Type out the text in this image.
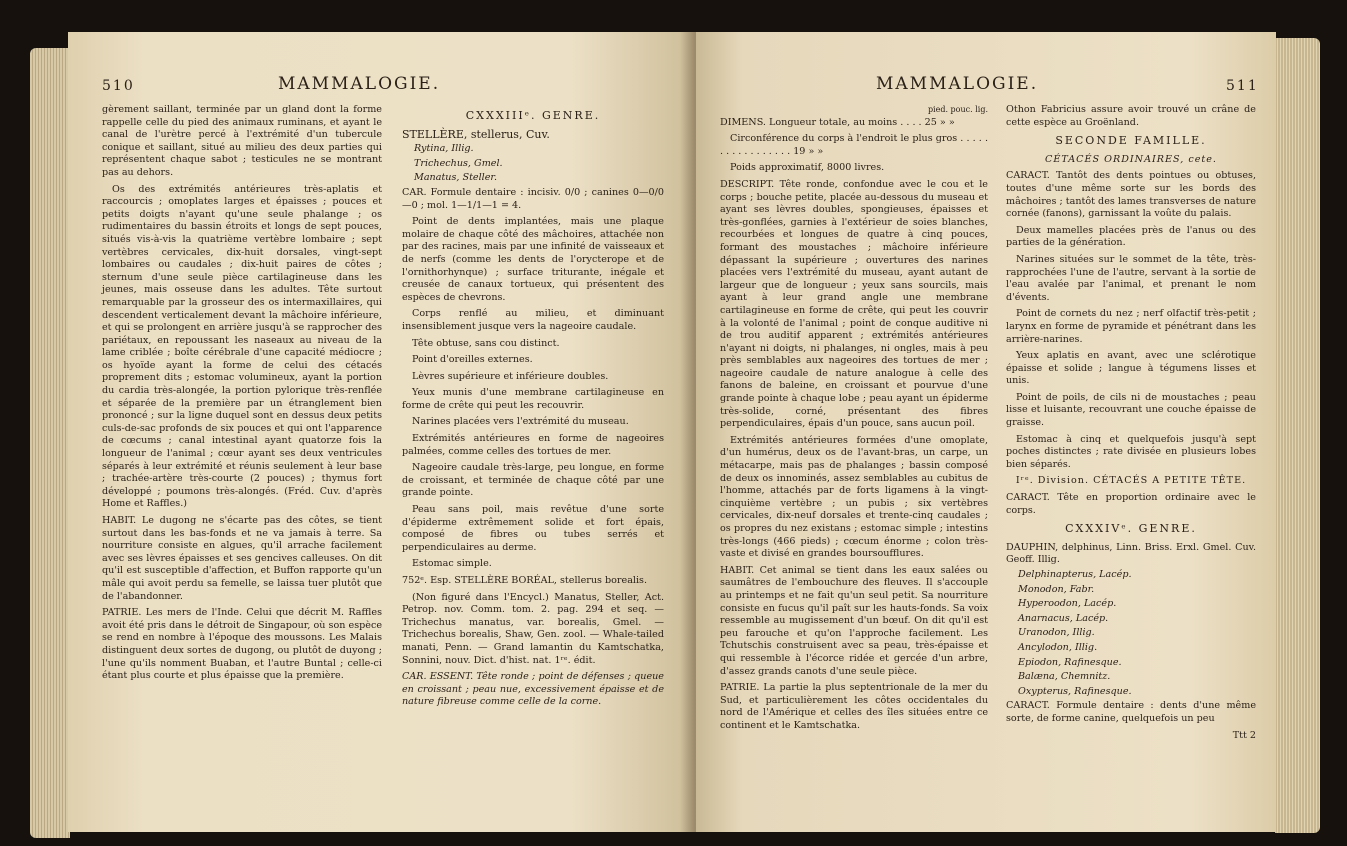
510	MAMMALOGIE.

gèrement saillant, terminée par un gland dont la forme rappelle celle du pied des animaux ruminans, et ayant le canal de l'urètre percé à l'extrémité d'un tubercule conique et saillant, situé au milieu des deux parties qui représentent chaque sabot ; testicules ne se montrant pas au dehors.

Os des extrémités antérieures très-aplatis et raccourcis ; omoplates larges et épaisses ; pouces et petits doigts n'ayant qu'une seule phalange ; os rudimentaires du bassin étroits et longs de sept pouces, situés vis-à-vis la quatrième vertèbre lombaire ; sept vertèbres cervicales, dix-huit dorsales, vingt-sept lombaires ou caudales ; dix-huit paires de côtes ; sternum d'une seule pièce cartilagineuse dans les jeunes, mais osseuse dans les adultes. Tête surtout remarquable par la grosseur des os intermaxillaires, qui descendent verticalement devant la mâchoire inférieure, et qui se prolongent en arrière jusqu'à se rapprocher des pariétaux, en repoussant les naseaux au niveau de la lame criblée ; boîte cérébrale d'une capacité médiocre ; os hyoïde ayant la forme de celui des cétacés proprement dits ; estomac volumineux, ayant la portion du cardia très-alongée, la portion pylorique très-renflée et séparée de la première par un étranglement bien prononcé ; sur la ligne duquel sont en dessus deux petits culs-de-sac profonds de six pouces et qui ont l'apparence de cœcums ; canal intestinal ayant quatorze fois la longueur de l'animal ; cœur ayant ses deux ventricules séparés à leur extrémité et réunis seulement à leur base ; trachée-artère très-courte (2 pouces) ; thymus fort développé ; poumons très-alongés. (Fréd. Cuv. d'après Home et Raffles.)

HABIT. Le dugong ne s'écarte pas des côtes, se tient surtout dans les bas-fonds et ne va jamais à terre. Sa nourriture consiste en algues, qu'il arrache facilement avec ses lèvres épaisses et ses gencives calleuses. On dit qu'il est susceptible d'affection, et Buffon rapporte qu'un mâle qui avoit perdu sa femelle, se laissa tuer plutôt que de l'abandonner.

PATRIE. Les mers de l'Inde. Celui que décrit M. Raffles avoit été pris dans le détroit de Singapour, où son espèce se rend en nombre à l'époque des moussons. Les Malais distinguent deux sortes de dugong, ou plutôt de duyong ; l'une qu'ils nomment Buaban, et l'autre Buntal ; celle-ci étant plus courte et plus épaisse que la première.

CXXXIIIᵉ. GENRE.
STELLÈRE, stellerus, Cuv.
Rytina, Illig.
Trichechus, Gmel.
Manatus, Steller.

CAR. Formule dentaire : incisiv. 0/0 ; canines 0—0/0—0 ; mol. 1—1/1—1 = 4.

Point de dents implantées, mais une plaque molaire de chaque côté des mâchoires, attachée non par des racines, mais par une infinité de vaisseaux et de nerfs (comme les dents de l'orycterope et de l'ornithorhynque) ; surface triturante, inégale et creusée de canaux tortueux, qui présentent des espèces de chevrons.

Corps renflé au milieu, et diminuant insensiblement jusque vers la nageoire caudale.

Tête obtuse, sans cou distinct.

Point d'oreilles externes.

Lèvres supérieure et inférieure doubles.

Yeux munis d'une membrane cartilagineuse en forme de crête qui peut les recouvrir.

Narines placées vers l'extrémité du museau.

Extrémités antérieures en forme de nageoires palmées, comme celles des tortues de mer.

Nageoire caudale très-large, peu longue, en forme de croissant, et terminée de chaque côté par une grande pointe.

Peau sans poil, mais revêtue d'une sorte d'épiderme extrêmement solide et fort épais, composé de fibres ou tubes serrés et perpendiculaires au derme.

Estomac simple.

752ᵉ. Esp. STELLÈRE BORÉAL, stellerus borealis.

(Non figuré dans l'Encycl.) Manatus, Steller, Act. Petrop. nov. Comm. tom. 2. pag. 294 et seq. — Trichechus manatus, var. borealis, Gmel. — Trichechus borealis, Shaw, Gen. zool. — Whale-tailed manati, Penn. — Grand lamantin du Kamtschatka, Sonnini, nouv. Dict. d'hist. nat. 1ʳᵉ. édit.

CAR. ESSENT. Tête ronde ; point de défenses ; queue en croissant ; peau nue, excessivement épaisse et de nature fibreuse comme celle de la corne.

MAMMALOGIE.	511
pied. pouc. lig.

DIMENS. Longueur totale, au moins . . . . 25 » »

Circonférence du corps à l'endroit le plus gros . . . . . . . . . . . . . . . . . 19 » »

Poids approximatif, 8000 livres.

DESCRIPT. Tête ronde, confondue avec le cou et le corps ; bouche petite, placée au-dessous du museau et ayant ses lèvres doubles, spongieuses, épaisses et très-gonflées, garnies à l'extérieur de soies blanches, recourbées et longues de quatre à cinq pouces, formant des moustaches ; mâchoire inférieure dépassant la supérieure ; ouvertures des narines placées vers l'extrémité du museau, ayant autant de largeur que de longueur ; yeux sans sourcils, mais ayant à leur grand angle une membrane cartilagineuse en forme de crête, qui peut les couvrir à la volonté de l'animal ; point de conque auditive ni de trou auditif apparent ; extrémités antérieures n'ayant ni doigts, ni phalanges, ni ongles, mais à peu près semblables aux nageoires des tortues de mer ; nageoire caudale de nature analogue à celle des fanons de baleine, en croissant et pourvue d'une grande pointe à chaque lobe ; peau ayant un épiderme très-solide, corné, présentant des fibres perpendiculaires, épais d'un pouce, sans aucun poil.

Extrémités antérieures formées d'une omoplate, d'un humérus, deux os de l'avant-bras, un carpe, un métacarpe, mais pas de phalanges ; bassin composé de deux os innominés, assez semblables au cubitus de l'homme, attachés par de forts ligamens à la vingt-cinquième vertèbre ; un pubis ; six vertèbres cervicales, dix-neuf dorsales et trente-cinq caudales ; os propres du nez existans ; estomac simple ; intestins très-longs (466 pieds) ; cœcum énorme ; colon très-vaste et divisé en grandes boursoufflures.

HABIT. Cet animal se tient dans les eaux salées ou saumâtres de l'embouchure des fleuves. Il s'accouple au printemps et ne fait qu'un seul petit. Sa nourriture consiste en fucus qu'il paît sur les hauts-fonds. Sa voix ressemble au mugissement d'un bœuf. On dit qu'il est peu farouche et qu'on l'approche facilement. Les Tchutschis construisent avec sa peau, très-épaisse et qui ressemble à l'écorce ridée et gercée d'un arbre, d'assez grands canots d'une seule pièce.

PATRIE. La partie la plus septentrionale de la mer du Sud, et particulièrement les côtes occidentales du nord de l'Amérique et celles des îles situées entre ce continent et le Kamtschatka.

Othon Fabricius assure avoir trouvé un crâne de cette espèce au Groënland.

SECONDE FAMILLE.
CÉTACÉS ORDINAIRES, cete.

CARACT. Tantôt des dents pointues ou obtuses, toutes d'une même sorte sur les bords des mâchoires ; tantôt des lames transverses de nature cornée (fanons), garnissant la voûte du palais.

Deux mamelles placées près de l'anus ou des parties de la génération.

Narines situées sur le sommet de la tête, très-rapprochées l'une de l'autre, servant à la sortie de l'eau avalée par l'animal, et prenant le nom d'évents.

Point de cornets du nez ; nerf olfactif très-petit ; larynx en forme de pyramide et pénétrant dans les arrière-narines.

Yeux aplatis en avant, avec une sclérotique épaisse et solide ; langue à tégumens lisses et unis.

Point de poils, de cils ni de moustaches ; peau lisse et luisante, recouvrant une couche épaisse de graisse.

Estomac à cinq et quelquefois jusqu'à sept poches distinctes ; rate divisée en plusieurs lobes bien séparés.

Iʳᵉ. Division. CÉTACÉS A PETITE TÊTE.

CARACT. Tête en proportion ordinaire avec le corps.

CXXXIVᵉ. GENRE.
DAUPHIN, delphinus, Linn. Briss. Erxl. Gmel. Cuv. Geoff. Illig.
Delphinapterus, Lacép.
Monodon, Fabr.
Hyperoodon, Lacép.
Anarnacus, Lacép.
Uranodon, Illig.
Ancylodon, Illig.
Epiodon, Rafinesque.
Balæna, Chemnitz.
Oxypterus, Rafinesque.

CARACT. Formule dentaire : dents d'une même sorte, de forme canine, quelquefois un peu

Ttt 2
